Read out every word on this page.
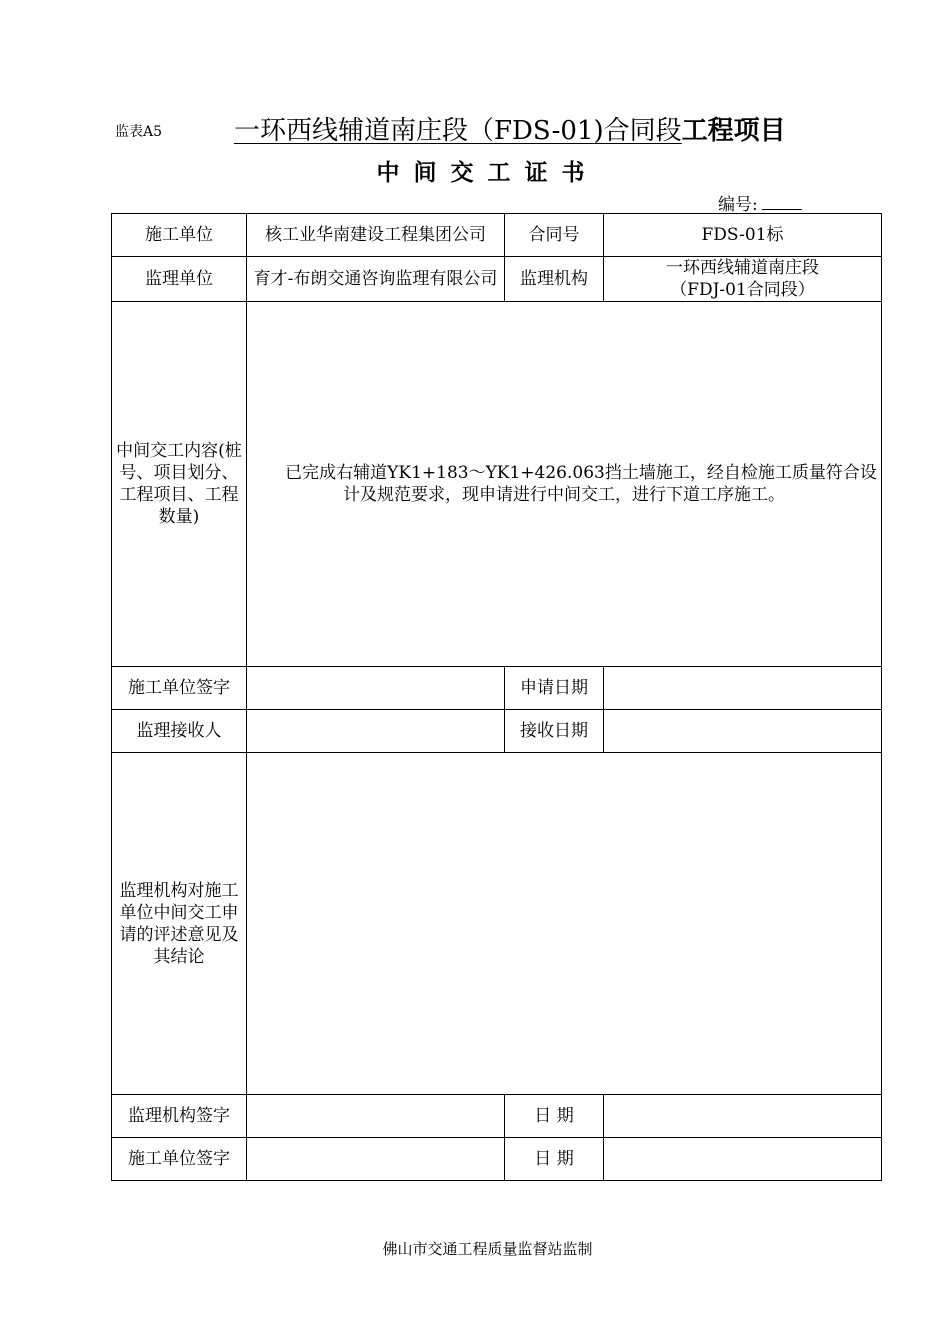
监表A5	一环西线辅道南庄段（FDS-01)合同段工程项目
中间交工证书
编号:
施工单位	核工业华南建设工程集团公司	合同号	FDS-01标
监理单位	育才-布朗交通咨询监理有限公司	监理机构	一环西线辅道南庄段
（FDJ-01合同段）

中间交工内容(桩号、项目划分、工程项目、工程数量)	已完成右辅道YK1+183～YK1+426.063挡土墙施工，经自检施工质量符合设计及规范要求，现申请进行中间交工，进行下道工序施工。		

施工单位签字		申请日期	
监理接收人		接收日期	
监理机构对施工单位中间交工申请的评述意见及其结论			
监理机构签字		日 期	
施工单位签字		日 期	
佛山市交通工程质量监督站监制
